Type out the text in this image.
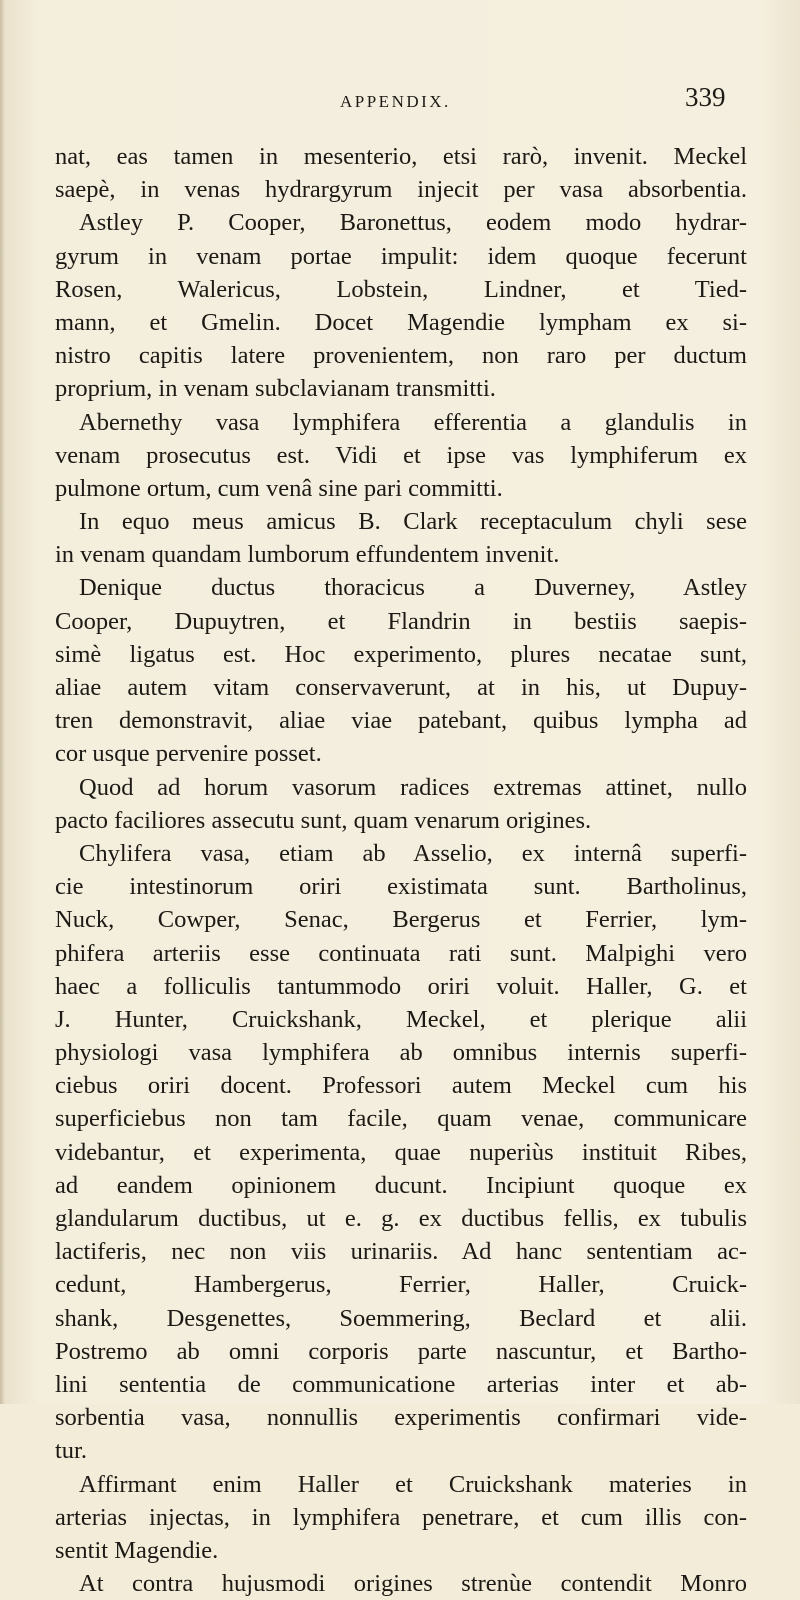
APPENDIX.	339
nat, eas tamen in mesenterio, etsi rarò, invenit. Meckel
saepè, in venas hydrargyrum injecit per vasa absorbentia.
Astley P. Cooper, Baronettus, eodem modo hydrar-
gyrum in venam portae impulit: idem quoque fecerunt
Rosen, Walericus, Lobstein, Lindner, et Tied-
mann, et Gmelin. Docet Magendie lympham ex si-
nistro capitis latere provenientem, non raro per ductum
proprium, in venam subclavianam transmitti.
Abernethy vasa lymphifera efferentia a glandulis in
venam prosecutus est. Vidi et ipse vas lymphiferum ex
pulmone ortum, cum venâ sine pari committi.
In equo meus amicus B. Clark receptaculum chyli sese
in venam quandam lumborum effundentem invenit.
Denique ductus thoracicus a Duverney, Astley
Cooper, Dupuytren, et Flandrin in bestiis saepis-
simè ligatus est. Hoc experimento, plures necatae sunt,
aliae autem vitam conservaverunt, at in his, ut Dupuy-
tren demonstravit, aliae viae patebant, quibus lympha ad
cor usque pervenire posset.
Quod ad horum vasorum radices extremas attinet, nullo
pacto faciliores assecutu sunt, quam venarum origines.
Chylifera vasa, etiam ab Asselio, ex internâ superfi-
cie intestinorum oriri existimata sunt. Bartholinus,
Nuck, Cowper, Senac, Bergerus et Ferrier, lym-
phifera arteriis esse continuata rati sunt. Malpighi vero
haec a folliculis tantummodo oriri voluit. Haller, G. et
J. Hunter, Cruickshank, Meckel, et plerique alii
physiologi vasa lymphifera ab omnibus internis superfi-
ciebus oriri docent. Professori autem Meckel cum his
superficiebus non tam facile, quam venae, communicare
videbantur, et experimenta, quae nuperiùs instituit Ribes,
ad eandem opinionem ducunt. Incipiunt quoque ex
glandularum ductibus, ut e. g. ex ductibus fellis, ex tubulis
lactiferis, nec non viis urinariis. Ad hanc sententiam ac-
cedunt, Hambergerus, Ferrier, Haller, Cruick-
shank, Desgenettes, Soemmering, Beclard et alii.
Postremo ab omni corporis parte nascuntur, et Bartho-
lini sententia de communicatione arterias inter et ab-
sorbentia vasa, nonnullis experimentis confirmari vide-
tur.
Affirmant enim Haller et Cruickshank materies in
arterias injectas, in lymphifera penetrare, et cum illis con-
sentit Magendie.
At contra hujusmodi origines strenùe contendit Monro
